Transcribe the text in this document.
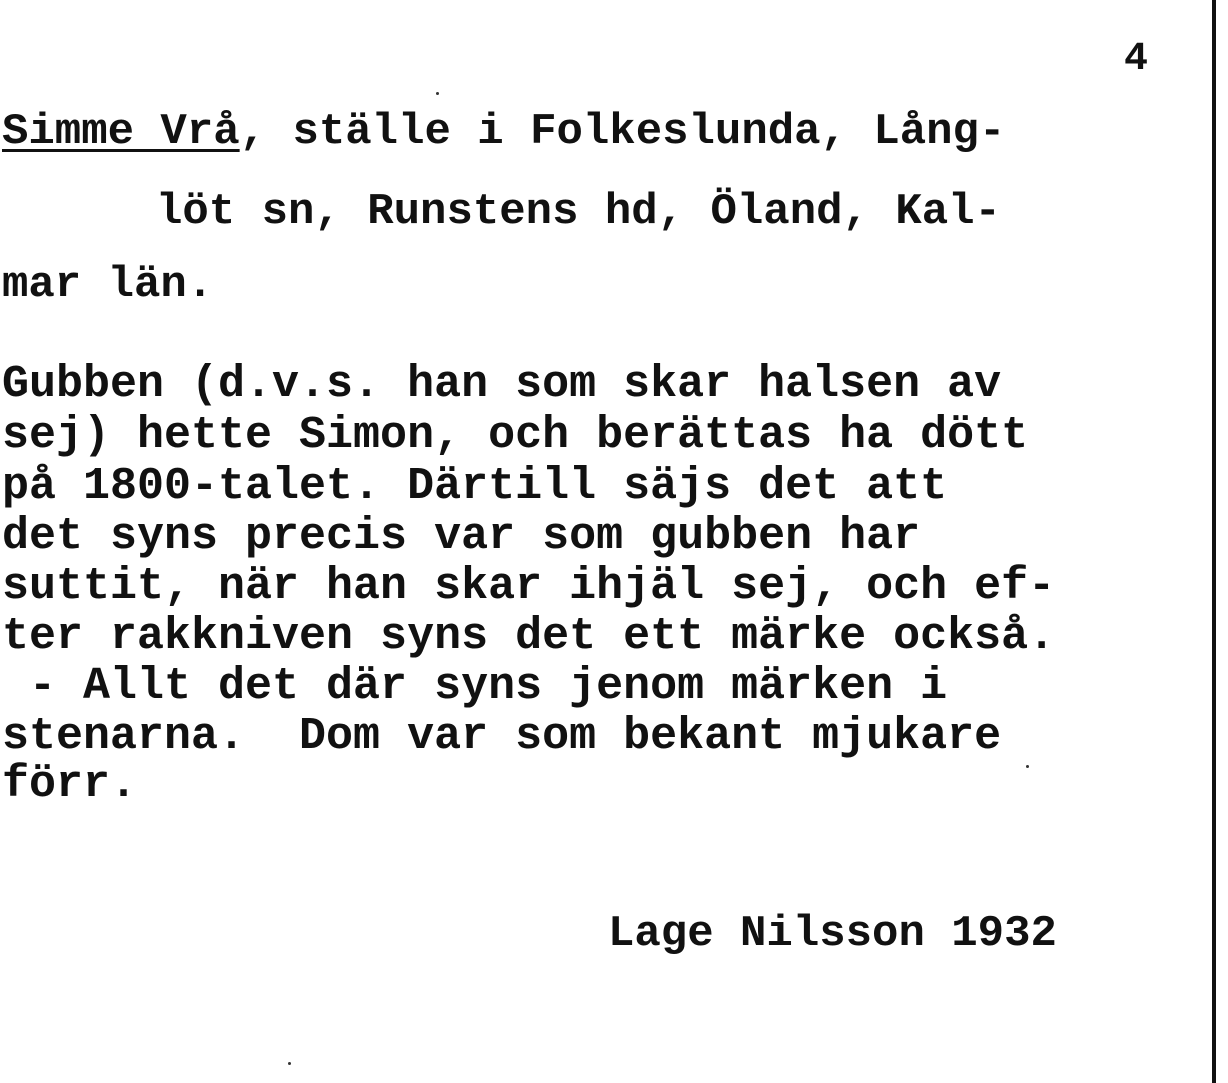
4
Simme Vrå, ställe i Folkeslunda, Lång-
löt sn, Runstens hd, Öland, Kal-
mar län.
Gubben (d.v.s. han som skar halsen av
sej) hette Simon, och berättas ha dött
på 1800-talet. Därtill säjs det att
det syns precis var som gubben har
suttit, när han skar ihjäl sej, och ef-
ter rakkniven syns det ett märke också.
- Allt det där syns jenom märken i
stenarna.  Dom var som bekant mjukare
förr.
Lage Nilsson 1932
